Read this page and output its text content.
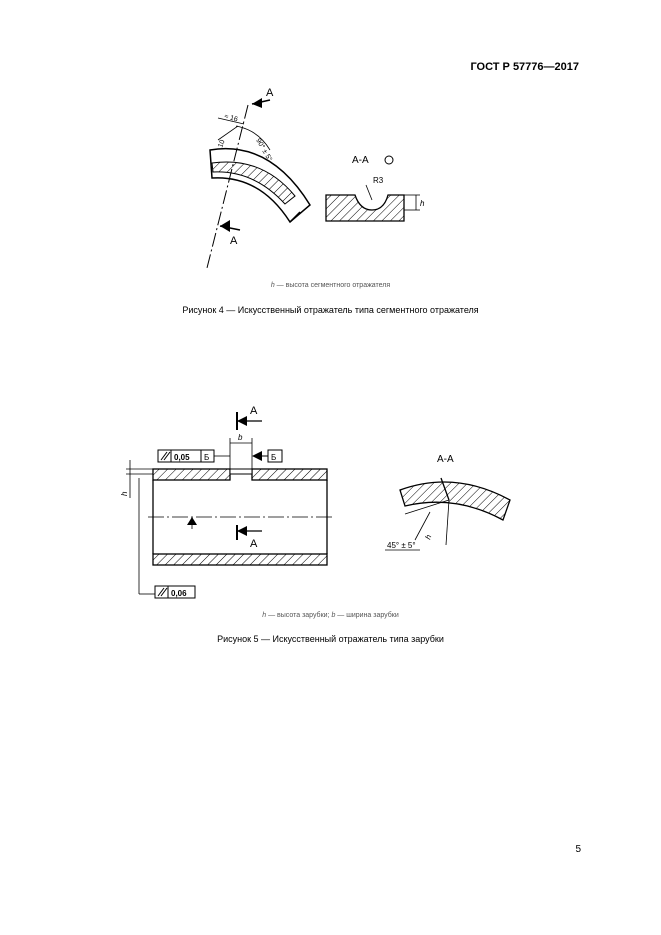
ГОСТ Р 57776—2017
А
А
≈ 16
10	90° ± 5°	А-А
h
R3
h — высота сегментного отражателя
Рисунок 4 — Искусственный отражатель типа сегментного отражателя
А
А
b
0,05 Б	Б
h
0,06
А-А
h
45° ± 5°
h — высота зарубки; b — ширина зарубки
Рисунок 5 — Искусственный отражатель типа зарубки
5
